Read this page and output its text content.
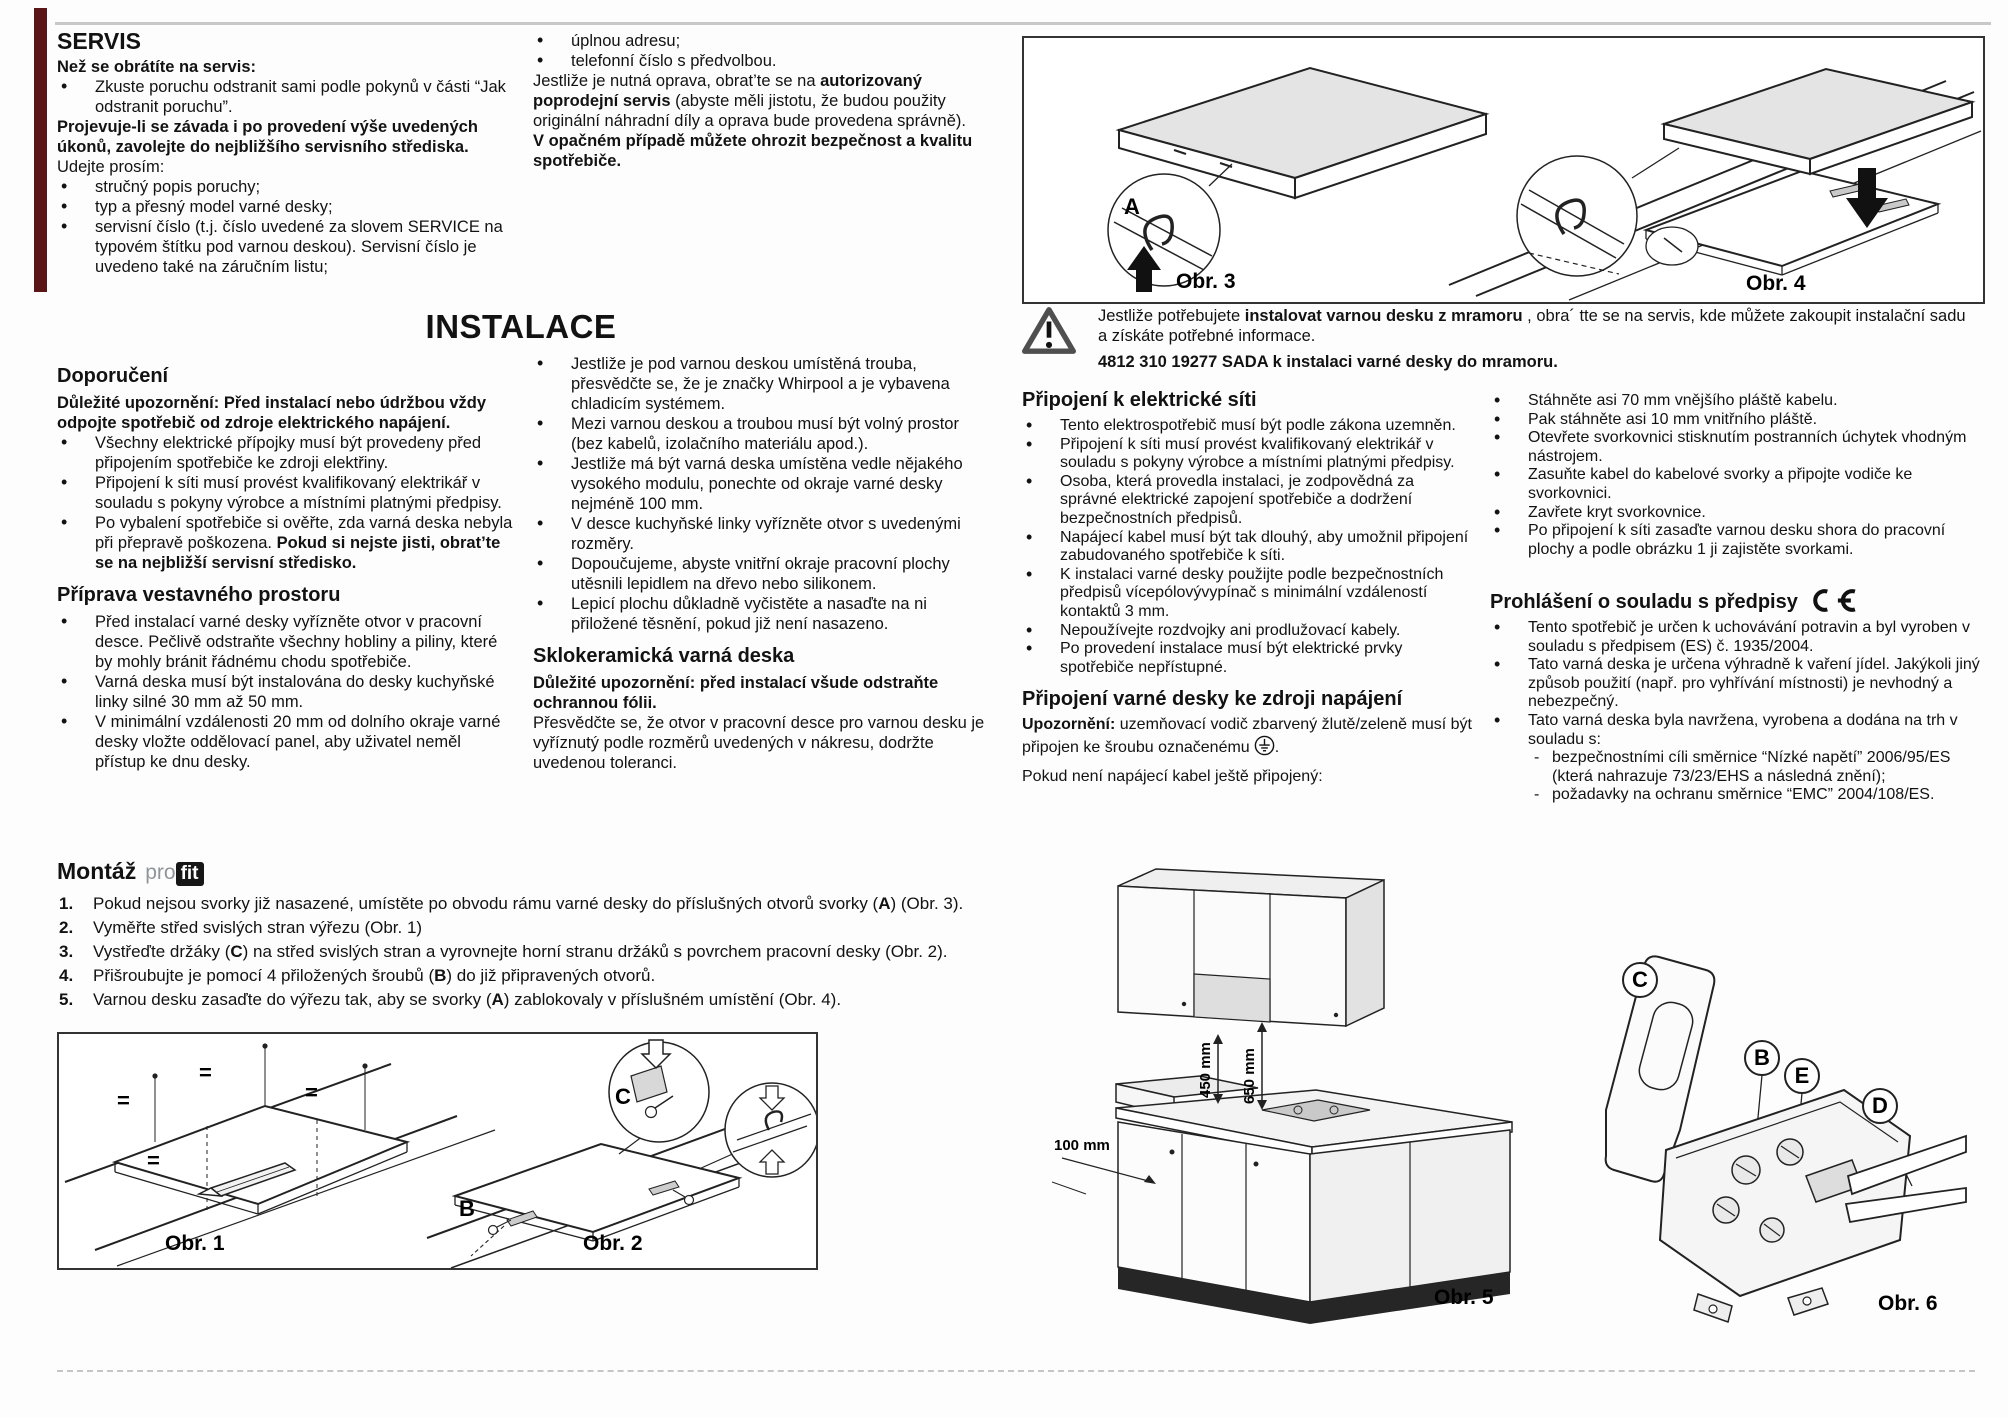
SERVIS

Než se obrátíte na servis:

• Zkuste poruchu odstranit sami podle pokynů v části “Jak odstranit poruchu”.

Projevuje-li se závada i po provedení výše uvedených úkonů, zavolejte do nejbližšího servisního střediska.

Udejte prosím:

• stručný popis poruchy;
• typ a přesný model varné desky;
• servisní číslo (t.j. číslo uvedené za slovem SERVICE na typovém štítku pod varnou deskou). Servisní číslo je uvedeno také na záručním listu;
• úplnou adresu;
• telefonní číslo s předvolbou.

Jestliže je nutná oprava, obrat’te se na autorizovaný poprodejní servis (abyste měli jistotu, že budou použity originální náhradní díly a oprava bude provedena správně).

V opačném případě můžete ohrozit bezpečnost a kvalitu spotřebiče.

INSTALACE
Doporučení

Důležité upozornění: Před instalací nebo údržbou vždy odpojte spotřebič od zdroje elektrického napájení.

• Všechny elektrické přípojky musí být provedeny před připojením spotřebiče ke zdroji elektřiny.
• Připojení k síti musí provést kvalifikovaný elektrikář v souladu s pokyny výrobce a místními platnými předpisy.
• Po vybalení spotřebiče si ověřte, zda varná deska nebyla při přepravě poškozena. Pokud si nejste jisti, obrat’te se na nejbližší servisní středisko.
Příprava vestavného prostoru
• Před instalací varné desky vyřízněte otvor v pracovní desce. Pečlivě odstraňte všechny hobliny a piliny, které by mohly bránit řádnému chodu spotřebiče.
• Varná deska musí být instalována do desky kuchyňské linky silné 30 mm až 50 mm.
• V minimální vzdálenosti 20 mm od dolního okraje varné desky vložte oddělovací panel, aby uživatel neměl přístup ke dnu desky.
• Jestliže je pod varnou deskou umístěná trouba, přesvědčte se, že je značky Whirpool a je vybavena chladicím systémem.
• Mezi varnou deskou a troubou musí být volný prostor (bez kabelů, izolačního materiálu apod.).
• Jestliže má být varná deska umístěna vedle nějakého vysokého modulu, ponechte od okraje varné desky nejméně 100 mm.
• V desce kuchyňské linky vyřízněte otvor s uvedenými rozměry.
• Dopoučujeme, abyste vnitřní okraje pracovní plochy utěsnili lepidlem na dřevo nebo silikonem.
• Lepicí plochu důkladně vyčistěte a nasaďte na ni přiložené těsnění, pokud již není nasazeno.
Sklokeramická varná deska

Důležité upozornění: před instalací všude odstraňte ochrannou fólii.

Přesvědčte se, že otvor v pracovní desce pro varnou desku je vyříznutý podle rozměrů uvedených v nákresu, dodržte uvedenou toleranci.

A
Obr. 3	Obr. 4

Jestliže potřebujete instalovat varnou desku z mramoru , obra´ tte se na servis, kde můžete zakoupit instalační sadu a získáte potřebné informace.

4812 310 19277 SADA k instalaci varné desky do mramoru.

Připojení k elektrické síti
• Tento elektrospotřebič musí být podle zákona uzemněn.
• Připojení k síti musí provést kvalifikovaný elektrikář v souladu s pokyny výrobce a místními platnými předpisy.
• Osoba, která provedla instalaci, je zodpovědná za správné elektrické zapojení spotřebiče a dodržení bezpečnostních předpisů.
• Napájecí kabel musí být tak dlouhý, aby umožnil připojení zabudovaného spotřebiče k síti.
• K instalaci varné desky použijte podle bezpečnostních předpisů vícepólovývypínač s minimální vzdáleností kontaktů 3 mm.
• Nepoužívejte rozdvojky ani prodlužovací kabely.
• Po provedení instalace musí být elektrické prvky spotřebiče nepřístupné.
Připojení varné desky ke zdroji napájení

Upozornění: uzemňovací vodič zbarvený žlutě/zeleně musí být připojen ke šroubu označenému .

Pokud není napájecí kabel ještě připojený:

• Stáhněte asi 70 mm vnějšího pláště kabelu.
• Pak stáhněte asi 10 mm vnitřního pláště.
• Otevřete svorkovnici stisknutím postranních úchytek vhodným nástrojem.
• Zasuňte kabel do kabelové svorky a připojte vodiče ke svorkovnici.
• Zavřete kryt svorkovnice.
• Po připojení k síti zasaďte varnou desku shora do pracovní plochy a podle obrázku 1 ji zajistěte svorkami.
Prohlášení o souladu s předpisy
• Tento spotřebič je určen k uchovávání potravin a byl vyroben v souladu s předpisem (ES) č. 1935/2004.
• Tato varná deska je určena výhradně k vaření jídel. Jakýkoli jiný způsob použití (např. pro vyhřívání místnosti) je nevhodný a nebezpečný.
• Tato varná deska byla navržena, vyrobena a dodána na trh v souladu s:
- bezpečnostními cíli směrnice “Nízké napětí” 2006/95/ES (která nahrazuje 73/23/EHS a následná znění);
- požadavky na ochranu směrnice “EMC” 2004/108/ES.
Montáž pro fit
1. Pokud nejsou svorky již nasazené, umístěte po obvodu rámu varné desky do příslušných otvorů svorky (A) (Obr. 3).
2. Vyměřte střed svislých stran výřezu (Obr. 1)
3. Vystřeďte držáky (C) na střed svislých stran a vyrovnejte horní stranu držáků s povrchem pracovní desky (Obr. 2).
4. Přišroubujte je pomocí 4 přiložených šroubů (B) do již připravených otvorů.
5. Varnou desku zasaďte do výřezu tak, aby se svorky (A) zablokovaly v příslušném umístění (Obr. 4).
=
=
=
=
Obr. 1
C
B
Obr. 2
450 mm 650 mm
100 mm
Obr. 5
C
B
E
D
Obr. 6
